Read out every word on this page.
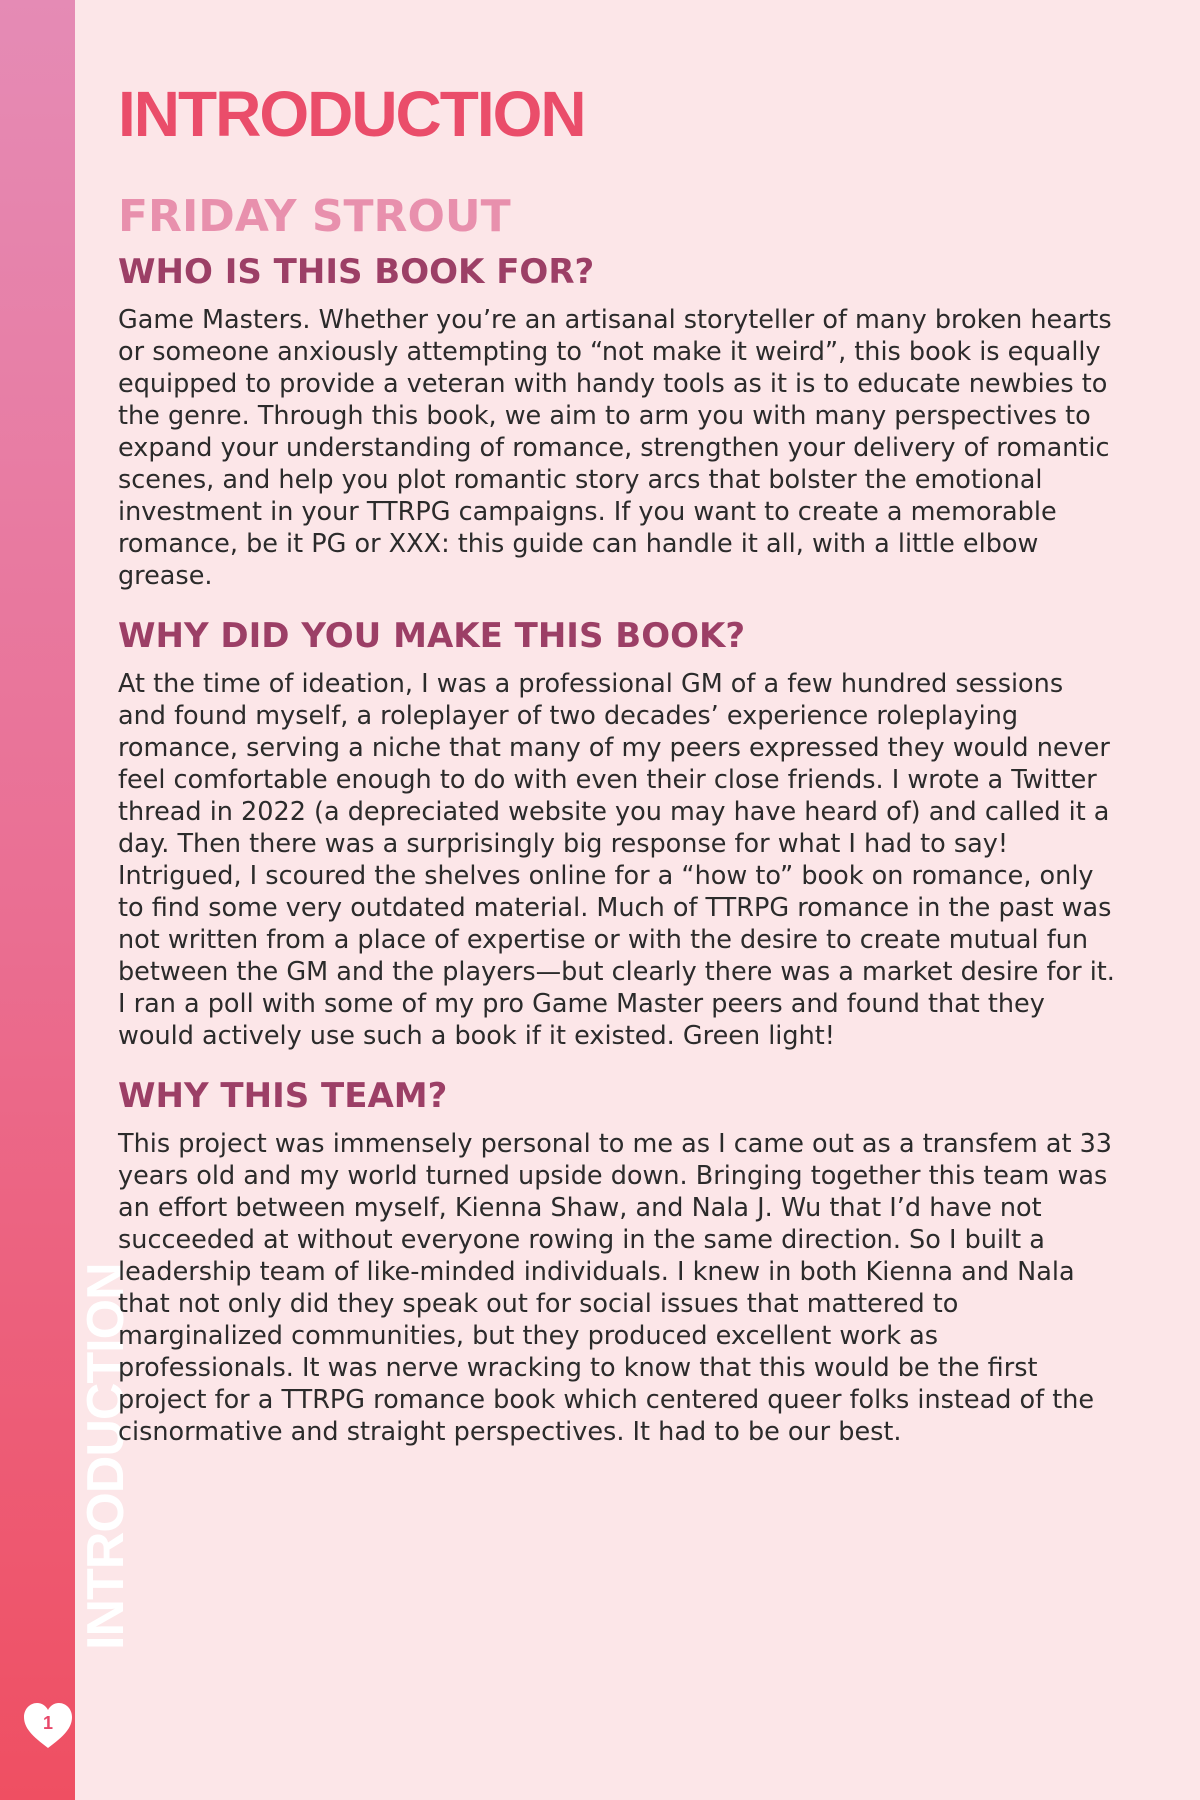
INTRODUCTION
1
INTRODUCTION
FRIDAY STROUT
WHO IS THIS BOOK FOR?

Game Masters. Whether you’re an artisanal storyteller of many broken hearts or someone anxiously attempting to “not make it weird”, this book is equally equipped to provide a veteran with handy tools as it is to educate newbies to the genre. Through this book, we aim to arm you with many perspectives to expand your understanding of romance, strengthen your delivery of romantic scenes, and help you plot romantic story arcs that bolster the emotional investment in your TTRPG campaigns. If you want to create a memorable romance, be it PG or XXX: this guide can handle it all, with a little elbow grease.

WHY DID YOU MAKE THIS BOOK?

At the time of ideation, I was a professional GM of a few hundred sessions and found myself, a roleplayer of two decades’ experience roleplaying romance, serving a niche that many of my peers expressed they would never feel comfortable enough to do with even their close friends. I wrote a Twitter thread in 2022 (a depreciated website you may have heard of) and called it a day. Then there was a surprisingly big response for what I had to say! Intrigued, I scoured the shelves online for a “how to” book on romance, only to find some very outdated material. Much of TTRPG romance in the past was not written from a place of expertise or with the desire to create mutual fun between the GM and the players—but clearly there was a market desire for it. I ran a poll with some of my pro Game Master peers and found that they would actively use such a book if it existed. Green light!

WHY THIS TEAM?

This project was immensely personal to me as I came out as a transfem at 33 years old and my world turned upside down. Bringing together this team was an effort between myself, Kienna Shaw, and Nala J. Wu that I’d have not succeeded at without everyone rowing in the same direction. So I built a leadership team of like-minded individuals. I knew in both Kienna and Nala that not only did they speak out for social issues that mattered to marginalized communities, but they produced excellent work as professionals. It was nerve wracking to know that this would be the first project for a TTRPG romance book which centered queer folks instead of the cisnormative and straight perspectives. It had to be our best.
